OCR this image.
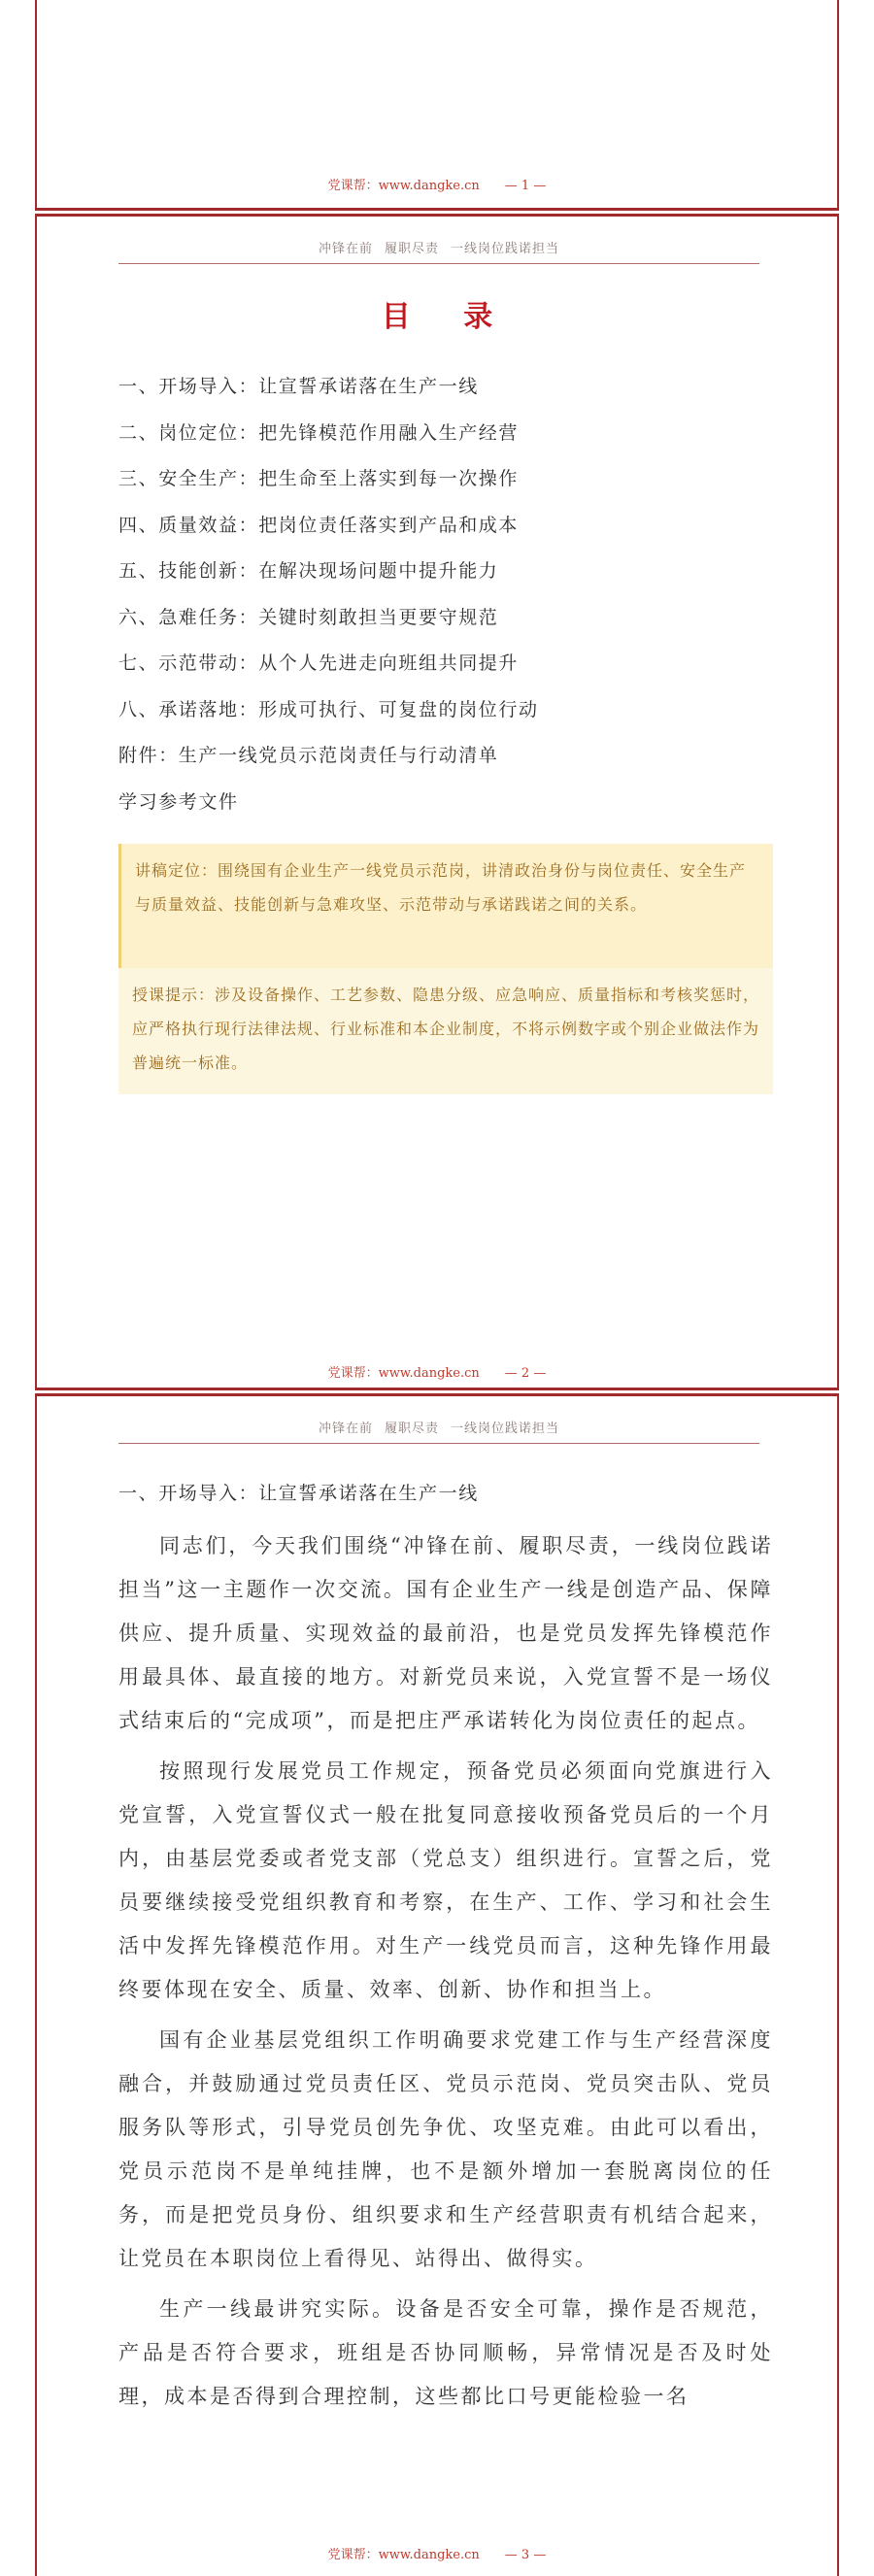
党课帮：www.dangke.cn — 1 —
冲锋在前 履职尽责 一线岗位践诺担当
目 录
一、开场导入：让宣誓承诺落在生产一线
二、岗位定位：把先锋模范作用融入生产经营
三、安全生产：把生命至上落实到每一次操作
四、质量效益：把岗位责任落实到产品和成本
五、技能创新：在解决现场问题中提升能力
六、急难任务：关键时刻敢担当更要守规范
七、示范带动：从个人先进走向班组共同提升
八、承诺落地：形成可执行、可复盘的岗位行动
附件：生产一线党员示范岗责任与行动清单
学习参考文件
讲稿定位：围绕国有企业生产一线党员示范岗，讲清政治身份与岗位责任、安全生产与质量效益、技能创新与急难攻坚、示范带动与承诺践诺之间的关系。
授课提示：涉及设备操作、工艺参数、隐患分级、应急响应、质量指标和考核奖惩时，应严格执行现行法律法规、行业标准和本企业制度，不将示例数字或个别企业做法作为普遍统一标准。
党课帮：www.dangke.cn — 2 —
冲锋在前 履职尽责 一线岗位践诺担当
一、开场导入：让宣誓承诺落在生产一线

同志们，今天我们围绕“冲锋在前、履职尽责，一线岗位践诺担当”这一主题作一次交流。国有企业生产一线是创造产品、保障供应、提升质量、实现效益的最前沿，也是党员发挥先锋模范作用最具体、最直接的地方。对新党员来说，入党宣誓不是一场仪式结束后的“完成项”，而是把庄严承诺转化为岗位责任的起点。

按照现行发展党员工作规定，预备党员必须面向党旗进行入党宣誓，入党宣誓仪式一般在批复同意接收预备党员后的一个月内，由基层党委或者党支部（党总支）组织进行。宣誓之后，党员要继续接受党组织教育和考察，在生产、工作、学习和社会生活中发挥先锋模范作用。对生产一线党员而言，这种先锋作用最终要体现在安全、质量、效率、创新、协作和担当上。

国有企业基层党组织工作明确要求党建工作与生产经营深度融合，并鼓励通过党员责任区、党员示范岗、党员突击队、党员服务队等形式，引导党员创先争优、攻坚克难。由此可以看出，党员示范岗不是单纯挂牌，也不是额外增加一套脱离岗位的任务，而是把党员身份、组织要求和生产经营职责有机结合起来，让党员在本职岗位上看得见、站得出、做得实。

生产一线最讲究实际。设备是否安全可靠，操作是否规范，产品是否符合要求，班组是否协同顺畅，异常情况是否及时处理，成本是否得到合理控制，这些都比口号更能检验一名

党课帮：www.dangke.cn — 3 —
